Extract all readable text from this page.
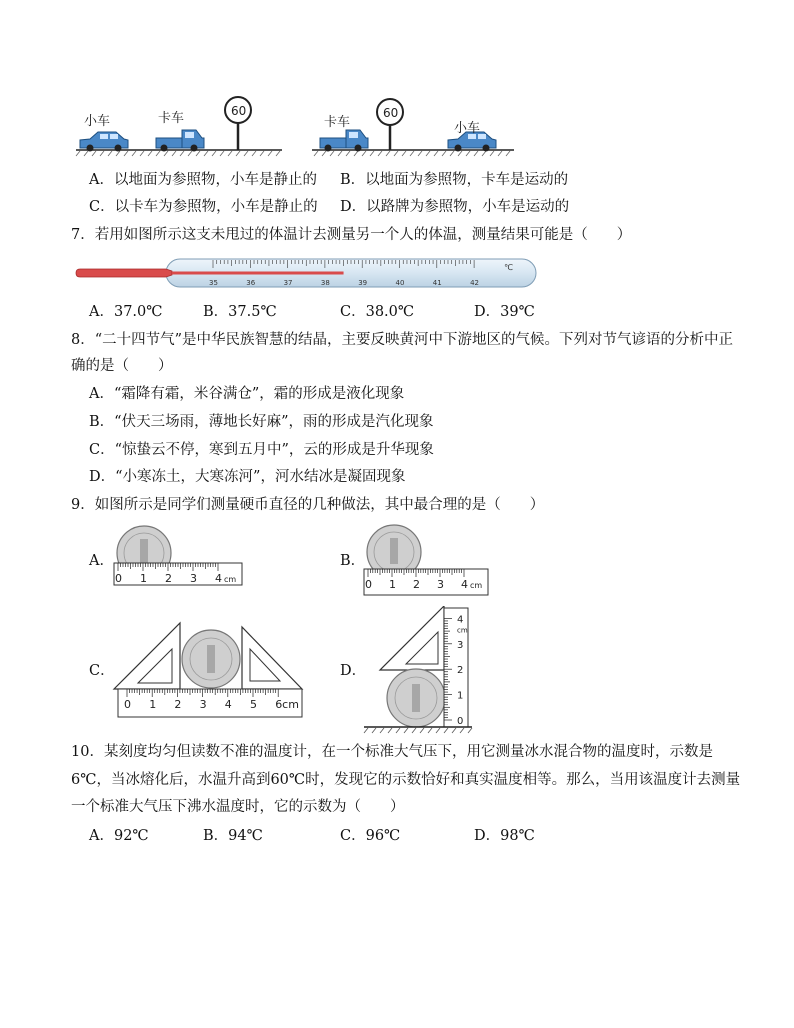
小车	卡车	60
卡车
60
小车
A．以地面为参照物，小车是静止的 B．以地面为参照物，卡车是运动的
C．以卡车为参照物，小车是静止的 D．以路牌为参照物，小车是运动的
7．若用如图所示这支未甩过的体温计去测量另一个人的体温，测量结果可能是（　　）
35	36	37	38	39	40	41	42
℃
A．37.0℃	B．37.5℃	C．38.0℃	D．39℃
8．“二十四节气”是中华民族智慧的结晶，主要反映黄河中下游地区的气候。下列对节气谚语的分析中正
确的是（　　）
A．“霜降有霜，米谷满仓”，霜的形成是液化现象
B．“伏天三场雨，薄地长好麻”，雨的形成是汽化现象
C．“惊蛰云不停，寒到五月中”，云的形成是升华现象
D．“小寒冻土，大寒冻河”，河水结冰是凝固现象
9．如图所示是同学们测量硬币直径的几种做法，其中最合理的是（　　）
A．
0 1 2 3 4 cm
B．
0 1 2 3 4 cm
C．
0 1 2 3 4 5 6cm
D．
4
cm
3
2
1
0
10．某刻度均匀但读数不准的温度计，在一个标准大气压下，用它测量冰水混合物的温度时，示数是
6℃，当冰熔化后，水温升高到60℃时，发现它的示数恰好和真实温度相等。那么，当用该温度计去测量
一个标准大气压下沸水温度时，它的示数为（　　）
A．92℃	B．94℃	C．96℃	D．98℃
